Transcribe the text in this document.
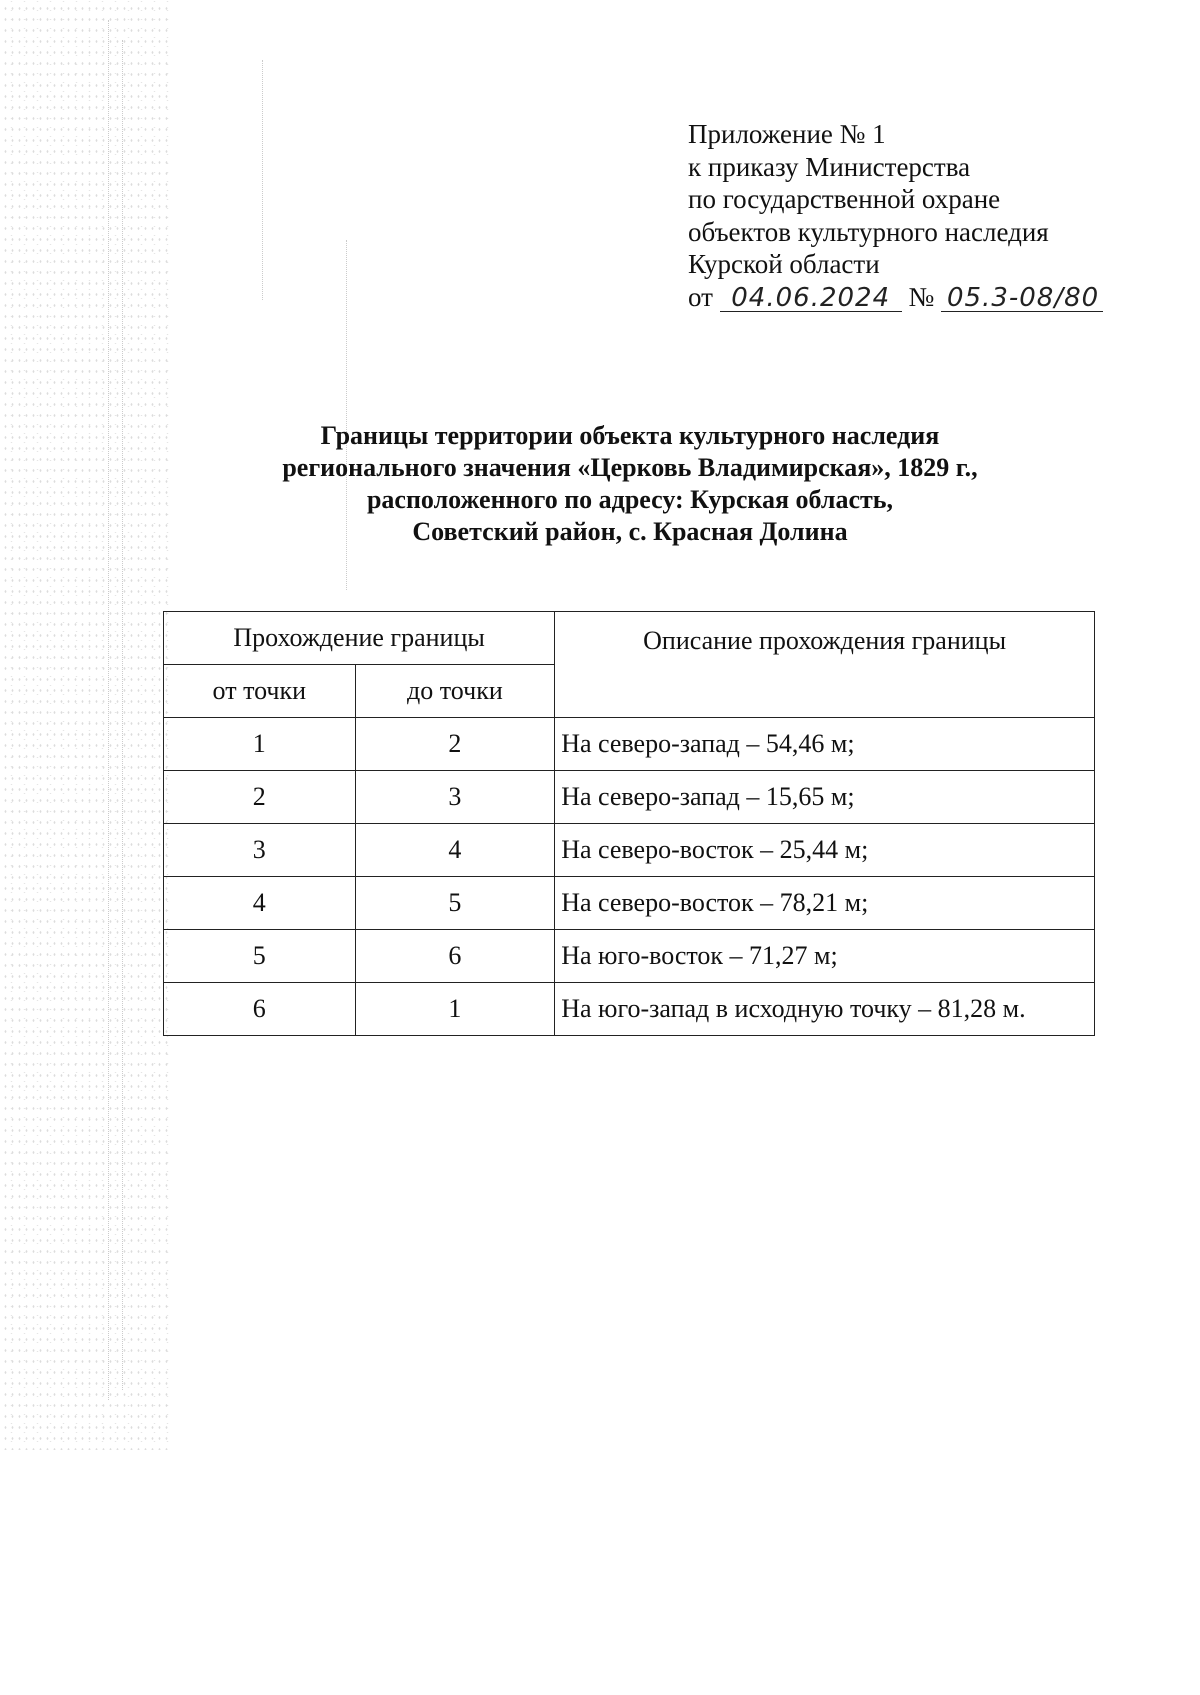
Приложение № 1
к приказу Министерства
по государственной охране
объектов культурного наследия
Курской области
от 04.06.2024 № 05.3-08/80
Границы территории объекта культурного наследия
регионального значения «Церковь Владимирская», 1829 г.,
расположенного по адресу: Курская область,
Советский район, с. Красная Долина
Прохождение границы		Описание прохождения границы
от точки	до точки	
1	2	На северо-запад – 54,46 м;
2	3	На северо-запад – 15,65 м;
3	4	На северо-восток – 25,44 м;
4	5	На северо-восток – 78,21 м;
5	6	На юго-восток – 71,27 м;
6	1	На юго-запад в исходную точку – 81,28 м.
